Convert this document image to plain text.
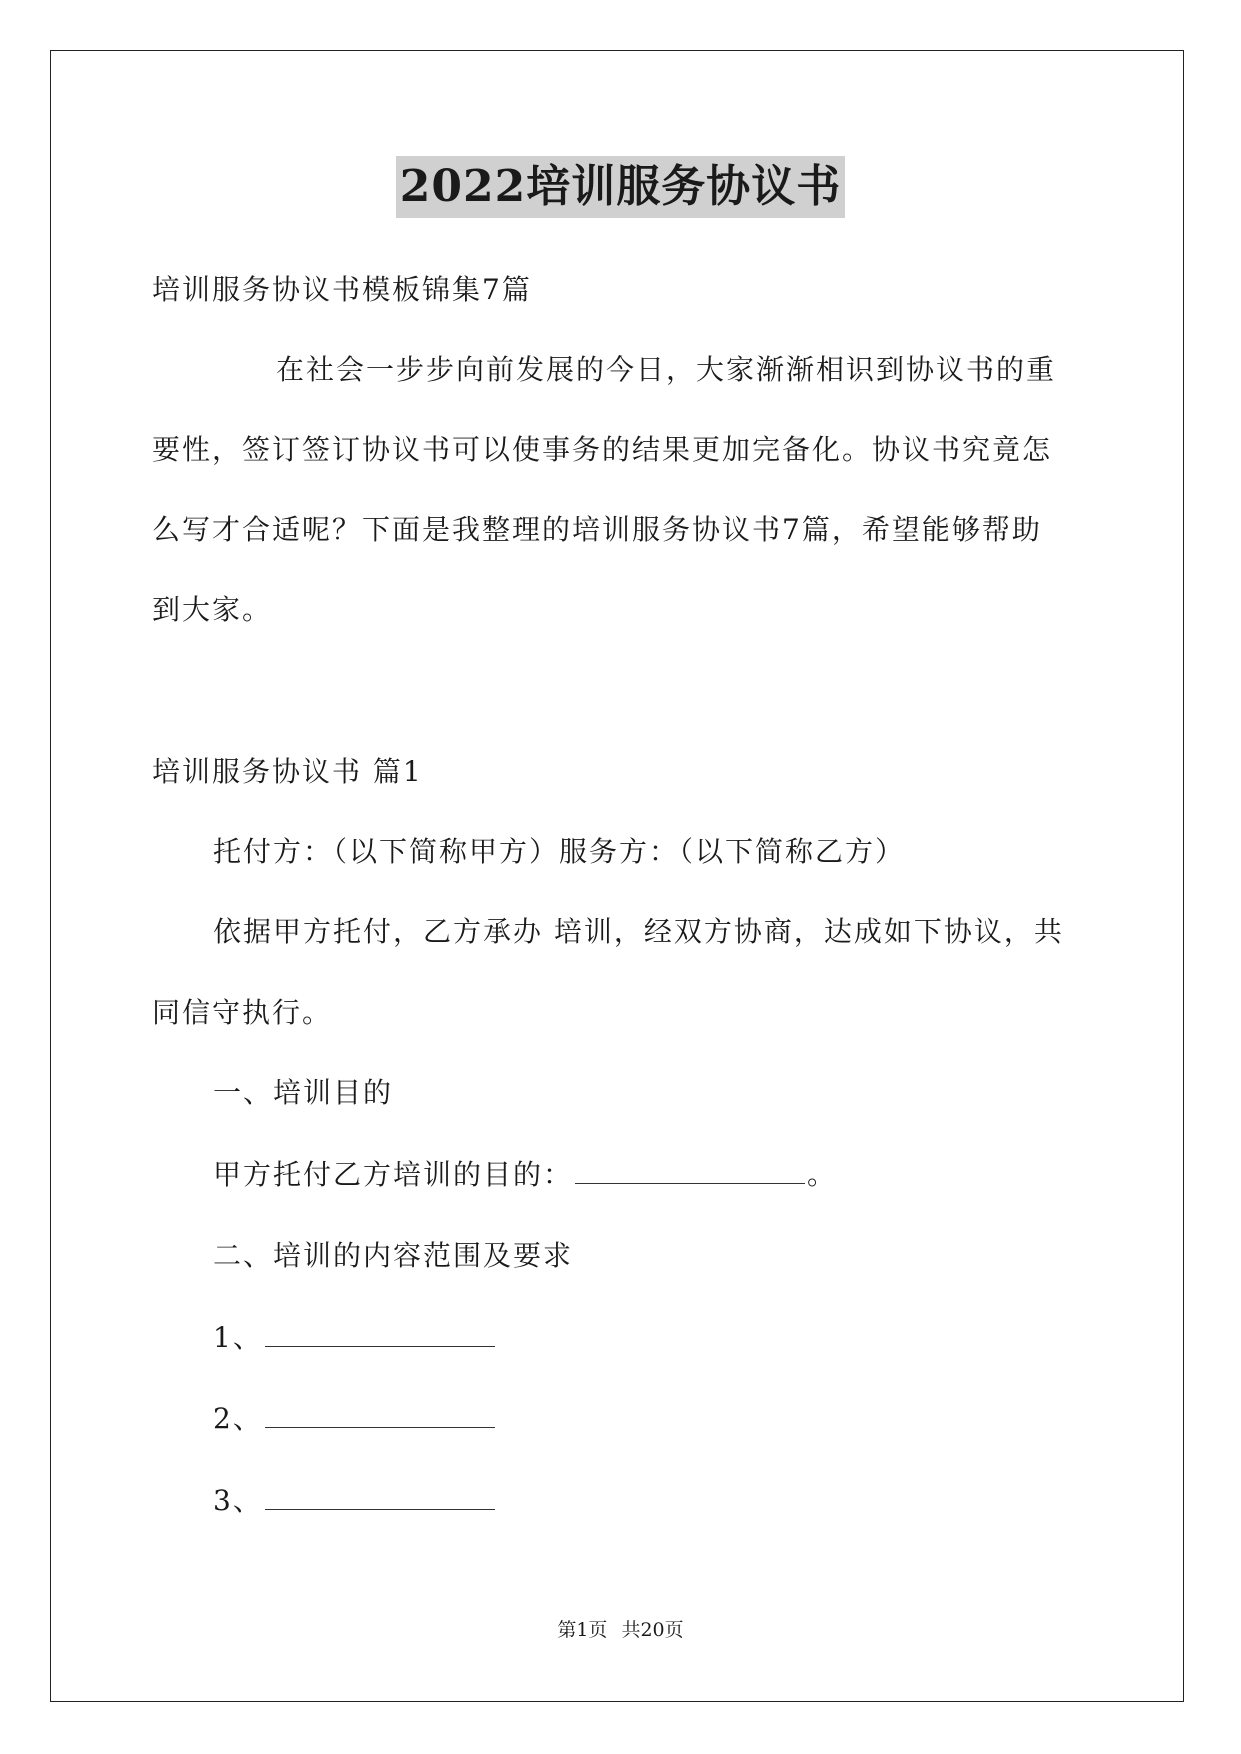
2022培训服务协议书
培训服务协议书模板锦集7篇
在社会一步步向前发展的今日，大家渐渐相识到协议书的重
要性，签订签订协议书可以使事务的结果更加完备化。协议书究竟怎
么写才合适呢？下面是我整理的培训服务协议书7篇，希望能够帮助
到大家。
培训服务协议书 篇1
托付方：（以下简称甲方）服务方：（以下简称乙方）
依据甲方托付，乙方承办 培训，经双方协商，达成如下协议，共
同信守执行。
一、培训目的
甲方托付乙方培训的目的：	。
二、培训的内容范围及要求
1、
2、
3、
第1页 共20页
